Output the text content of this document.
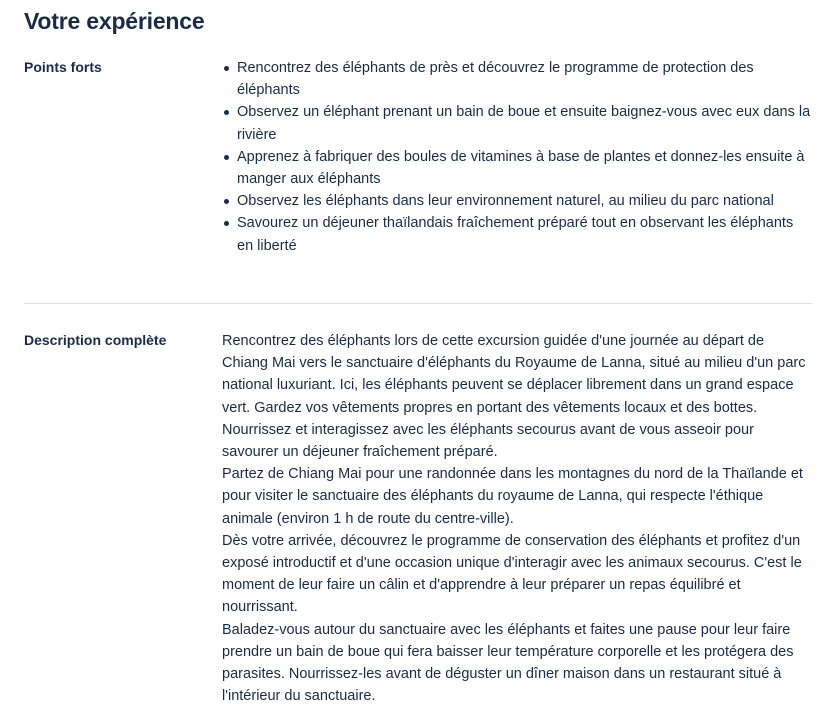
Votre expérience
Points forts	Rencontrez des éléphants de près et découvrez le programme de protection des éléphants
Observez un éléphant prenant un bain de boue et ensuite baignez-vous avec eux dans la rivière
Apprenez à fabriquer des boules de vitamines à base de plantes et donnez-les ensuite à manger aux éléphants
Observez les éléphants dans leur environnement naturel, au milieu du parc national
Savourez un déjeuner thaïlandais fraîchement préparé tout en observant les éléphants en liberté
Description complète	Rencontrez des éléphants lors de cette excursion guidée d'une journée au départ de Chiang Mai vers le sanctuaire d'éléphants du Royaume de Lanna, situé au milieu d'un parc national luxuriant. Ici, les éléphants peuvent se déplacer librement dans un grand espace vert. Gardez vos vêtements propres en portant des vêtements locaux et des bottes. Nourrissez et interagissez avec les éléphants secourus avant de vous asseoir pour savourer un déjeuner fraîchement préparé.

Partez de Chiang Mai pour une randonnée dans les montagnes du nord de la Thaïlande et pour visiter le sanctuaire des éléphants du royaume de Lanna, qui respecte l'éthique animale (environ 1 h de route du centre-ville).

Dès votre arrivée, découvrez le programme de conservation des éléphants et profitez d'un exposé introductif et d'une occasion unique d'interagir avec les animaux secourus. C'est le moment de leur faire un câlin et d'apprendre à leur préparer un repas équilibré et nourrissant.

Baladez-vous autour du sanctuaire avec les éléphants et faites une pause pour leur faire prendre un bain de boue qui fera baisser leur température corporelle et les protégera des parasites. Nourrissez-les avant de déguster un dîner maison dans un restaurant situé à l'intérieur du sanctuaire.
